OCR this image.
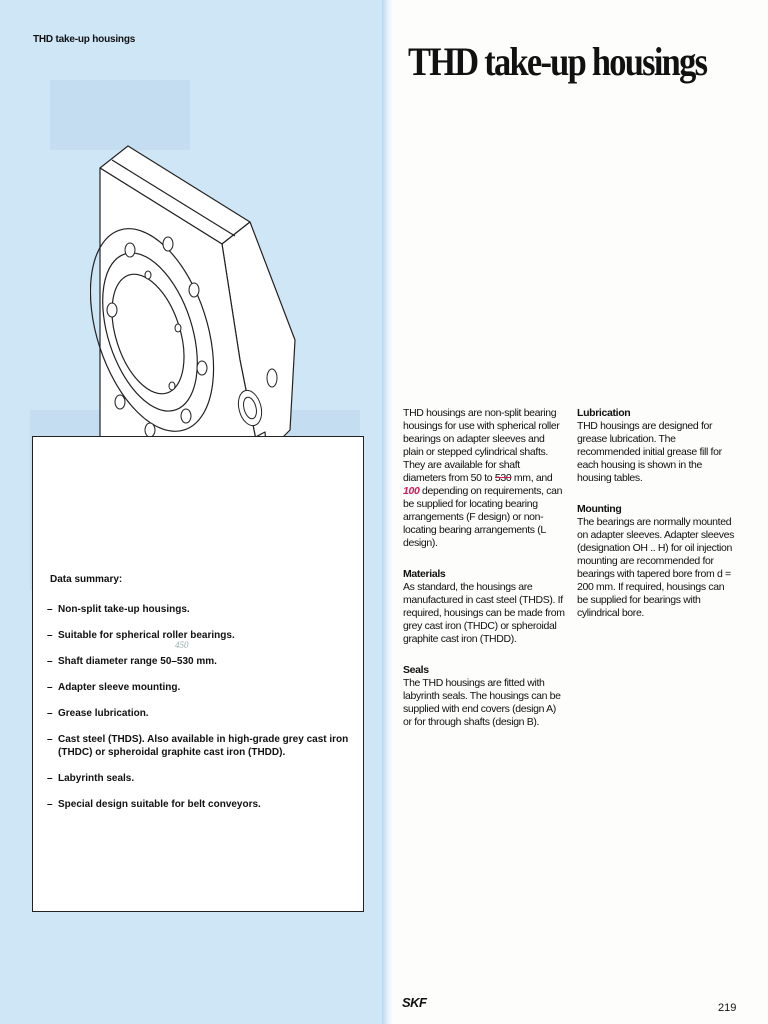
THD take-up housings
Data summary:
– Non-split take-up housings.
– Suitable for spherical roller bearings.
– Shaft diameter range 50–530 mm.
– Adapter sleeve mounting.
– Grease lubrication.
– Cast steel (THDS). Also available in high-grade grey cast iron (THDC) or spheroidal graphite cast iron (THDD).
– Labyrinth seals.
– Special design suitable for belt conveyors.
450
THD take-up housings

THD housings are non-split bearing housings for use with spherical roller bearings on adapter sleeves and plain or stepped cylindrical shafts. They are available for shaft diameters from 50 to 530 mm, and 100 depending on requirements, can be supplied for locating bearing arrangements (F design) or non-locating bearing arrangements (L design).

Materials

As standard, the housings are manufactured in cast steel (THDS). If required, housings can be made from grey cast iron (THDC) or spheroidal graphite cast iron (THDD).

Seals

The THD housings are fitted with labyrinth seals. The housings can be supplied with end covers (design A) or for through shafts (design B).

Lubrication

THD housings are designed for grease lubrication. The recommended initial grease fill for each housing is shown in the housing tables.

Mounting

The bearings are normally mounted on adapter sleeves. Adapter sleeves (designation OH .. H) for oil injection mounting are recommended for bearings with tapered bore from d = 200 mm. If required, housings can be supplied for bearings with cylindrical bore.

SKF	219
